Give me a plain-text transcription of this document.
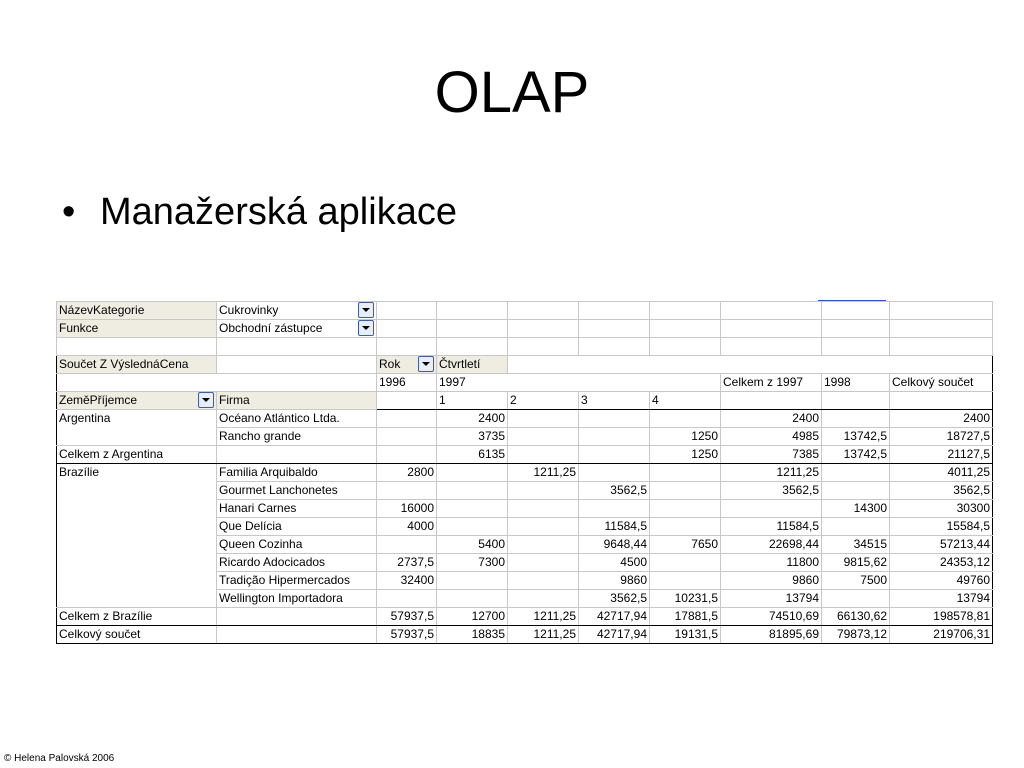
OLAP
• Manažerská aplikace
NázevKategorie	Cukrovinky								

Funkce	Obchodní zástupce								

Součet Z VýslednáCena		Rok	Čtvrtletí						
		1996	1997				Celkem z 1997	1998	Celkový součet

ZeměPříjemce	Firma		1	2	3	4			
Argentina	Océano Atlántico Ltda.		2400				2400		2400
	Rancho grande		3735			1250	4985	13742,5	18727,5
Celkem z Argentina			6135			1250	7385	13742,5	21127,5
Brazílie	Familia Arquibaldo	2800		1211,25			1211,25		4011,25
	Gourmet Lanchonetes				3562,5		3562,5		3562,5
	Hanari Carnes	16000						14300	30300
	Que Delícia	4000			11584,5		11584,5		15584,5
	Queen Cozinha		5400		9648,44	7650	22698,44	34515	57213,44
	Ricardo Adocicados	2737,5	7300		4500		11800	9815,62	24353,12
	Tradição Hipermercados	32400			9860		9860	7500	49760
	Wellington Importadora				3562,5	10231,5	13794		13794
Celkem z Brazílie		57937,5	12700	1211,25	42717,94	17881,5	74510,69	66130,62	198578,81
Celkový součet		57937,5	18835	1211,25	42717,94	19131,5	81895,69	79873,12	219706,31
© Helena Palovská 2006
